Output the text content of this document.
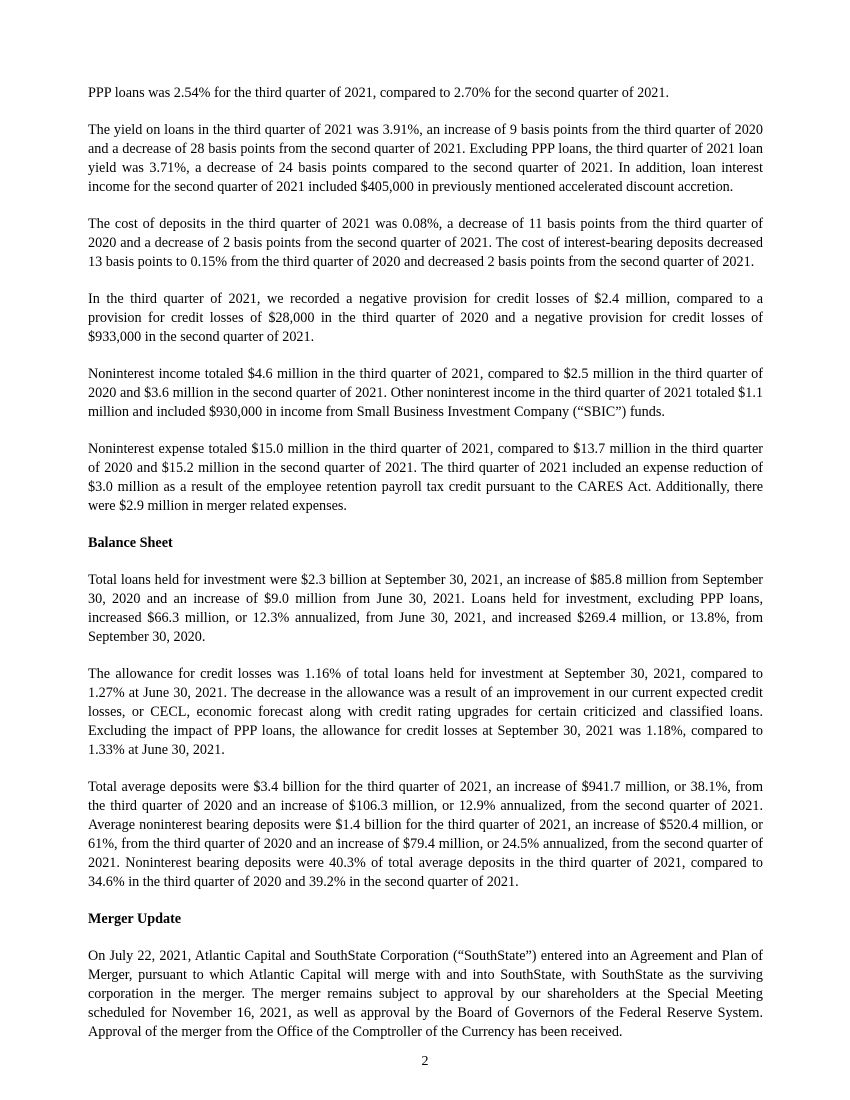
PPP loans was 2.54% for the third quarter of 2021, compared to 2.70% for the second quarter of 2021.

The yield on loans in the third quarter of 2021 was 3.91%, an increase of 9 basis points from the third quarter of 2020 and a decrease of 28 basis points from the second quarter of 2021. Excluding PPP loans, the third quarter of 2021 loan yield was 3.71%, a decrease of 24 basis points compared to the second quarter of 2021. In addition, loan interest income for the second quarter of 2021 included $405,000 in previously mentioned accelerated discount accretion.

The cost of deposits in the third quarter of 2021 was 0.08%, a decrease of 11 basis points from the third quarter of 2020 and a decrease of 2 basis points from the second quarter of 2021. The cost of interest-bearing deposits decreased 13 basis points to 0.15% from the third quarter of 2020 and decreased 2 basis points from the second quarter of 2021.

In the third quarter of 2021, we recorded a negative provision for credit losses of $2.4 million, compared to a provision for credit losses of $28,000 in the third quarter of 2020 and a negative provision for credit losses of $933,000 in the second quarter of 2021.

Noninterest income totaled $4.6 million in the third quarter of 2021, compared to $2.5 million in the third quarter of 2020 and $3.6 million in the second quarter of 2021. Other noninterest income in the third quarter of 2021 totaled $1.1 million and included $930,000 in income from Small Business Investment Company (“SBIC”) funds.

Noninterest expense totaled $15.0 million in the third quarter of 2021, compared to $13.7 million in the third quarter of 2020 and $15.2 million in the second quarter of 2021. The third quarter of 2021 included an expense reduction of $3.0 million as a result of the employee retention payroll tax credit pursuant to the CARES Act. Additionally, there were $2.9 million in merger related expenses.

Balance Sheet

Total loans held for investment were $2.3 billion at September 30, 2021, an increase of $85.8 million from September 30, 2020 and an increase of $9.0 million from June 30, 2021. Loans held for investment, excluding PPP loans, increased $66.3 million, or 12.3% annualized, from June 30, 2021, and increased $269.4 million, or 13.8%, from September 30, 2020.

The allowance for credit losses was 1.16% of total loans held for investment at September 30, 2021, compared to 1.27% at June 30, 2021. The decrease in the allowance was a result of an improvement in our current expected credit losses, or CECL, economic forecast along with credit rating upgrades for certain criticized and classified loans. Excluding the impact of PPP loans, the allowance for credit losses at September 30, 2021 was 1.18%, compared to 1.33% at June 30, 2021.

Total average deposits were $3.4 billion for the third quarter of 2021, an increase of $941.7 million, or 38.1%, from the third quarter of 2020 and an increase of $106.3 million, or 12.9% annualized, from the second quarter of 2021. Average noninterest bearing deposits were $1.4 billion for the third quarter of 2021, an increase of $520.4 million, or 61%, from the third quarter of 2020 and an increase of $79.4 million, or 24.5% annualized, from the second quarter of 2021. Noninterest bearing deposits were 40.3% of total average deposits in the third quarter of 2021, compared to 34.6% in the third quarter of 2020 and 39.2% in the second quarter of 2021.

Merger Update

On July 22, 2021, Atlantic Capital and SouthState Corporation (“SouthState”) entered into an Agreement and Plan of Merger, pursuant to which Atlantic Capital will merge with and into SouthState, with SouthState as the surviving corporation in the merger. The merger remains subject to approval by our shareholders at the Special Meeting scheduled for November 16, 2021, as well as approval by the Board of Governors of the Federal Reserve System. Approval of the merger from the Office of the Comptroller of the Currency has been received.

2
